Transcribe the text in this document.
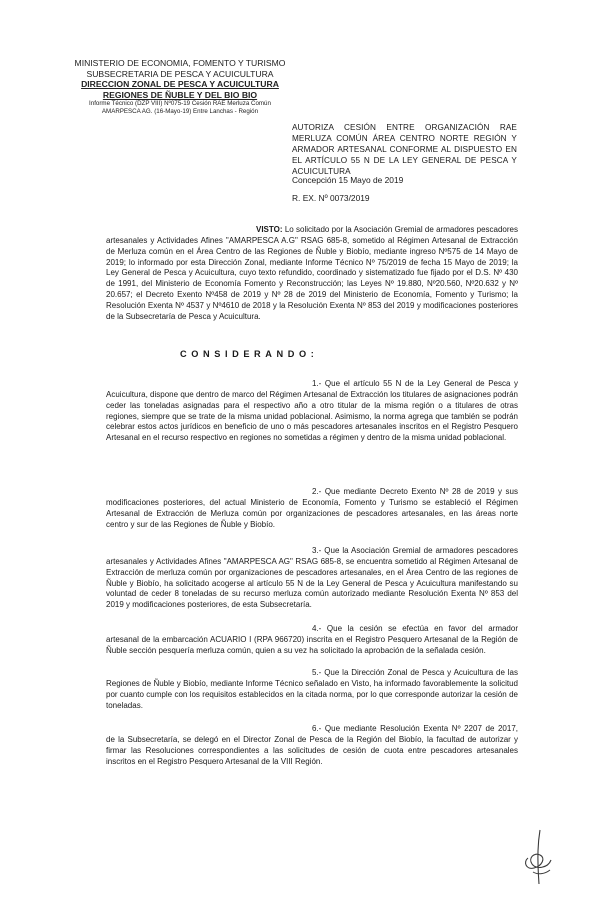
MINISTERIO DE ECONOMIA, FOMENTO Y TURISMO
SUBSECRETARIA DE PESCA Y ACUICULTURA
DIRECCION ZONAL DE PESCA Y ACUICULTURA
REGIONES DE ÑUBLE Y DEL BIO BIO
Informe Técnico (DZP VIII) Nº075-19 Cesión RAE Merluza Común
AMARPESCA AG. (16-Mayo-19) Entre Lanchas - Región
AUTORIZA CESIÓN ENTRE ORGANIZACIÓN RAE MERLUZA COMÚN ÁREA CENTRO NORTE REGIÓN Y ARMADOR ARTESANAL CONFORME AL DISPUESTO EN EL ARTÍCULO 55 N DE LA LEY GENERAL DE PESCA Y ACUICULTURA
Concepción 15 Mayo de 2019
R. EX. Nº 0073/2019
VISTO: Lo solicitado por la Asociación Gremial de armadores pescadores artesanales y Actividades Afines "AMARPESCA A.G" RSAG 685-8, sometido al Régimen Artesanal de Extracción de Merluza común en el Área Centro de las Regiones de Ñuble y Biobío, mediante ingreso Nº575 de 14 Mayo de 2019; lo informado por esta Dirección Zonal, mediante Informe Técnico Nº 75/2019 de fecha 15 Mayo de 2019; la Ley General de Pesca y Acuicultura, cuyo texto refundido, coordinado y sistematizado fue fijado por el D.S. Nº 430 de 1991, del Ministerio de Economía Fomento y Reconstrucción; las Leyes Nº 19.880, Nº20.560, Nº20.632 y Nº 20.657; el Decreto Exento Nº458 de 2019 y Nº 28 de 2019 del Ministerio de Economía, Fomento y Turismo; la Resolución Exenta Nº 4537 y Nº4610 de 2018 y la Resolución Exenta Nº 853 del 2019 y modificaciones posteriores de la Subsecretaría de Pesca y Acuicultura.
CONSIDERANDO:
1.- Que el artículo 55 N de la Ley General de Pesca y Acuicultura, dispone que dentro de marco del Régimen Artesanal de Extracción los titulares de asignaciones podrán ceder las toneladas asignadas para el respectivo año a otro titular de la misma región o a titulares de otras regiones, siempre que se trate de la misma unidad poblacional. Asimismo, la norma agrega que también se podrán celebrar estos actos jurídicos en beneficio de uno o más pescadores artesanales inscritos en el Registro Pesquero Artesanal en el recurso respectivo en regiones no sometidas a régimen y dentro de la misma unidad poblacional.
2.- Que mediante Decreto Exento Nº 28 de 2019 y sus modificaciones posteriores, del actual Ministerio de Economía, Fomento y Turismo se estableció el Régimen Artesanal de Extracción de Merluza común por organizaciones de pescadores artesanales, en las áreas norte centro y sur de las Regiones de Ñuble y Biobío.
3.- Que la Asociación Gremial de armadores pescadores artesanales y Actividades Afines "AMARPESCA AG" RSAG 685-8, se encuentra sometido al Régimen Artesanal de Extracción de merluza común por organizaciones de pescadores artesanales, en el Área Centro de las regiones de Ñuble y Biobío, ha solicitado acogerse al artículo 55 N de la Ley General de Pesca y Acuicultura manifestando su voluntad de ceder 8 toneladas de su recurso merluza común autorizado mediante Resolución Exenta Nº 853 del 2019 y modificaciones posteriores, de esta Subsecretaría.
4.- Que la cesión se efectúa en favor del armador artesanal de la embarcación ACUARIO I (RPA 966720) inscrita en el Registro Pesquero Artesanal de la Región de Ñuble sección pesquería merluza común, quien a su vez ha solicitado la aprobación de la señalada cesión.
5.- Que la Dirección Zonal de Pesca y Acuicultura de las Regiones de Ñuble y Biobío, mediante Informe Técnico señalado en Visto, ha informado favorablemente la solicitud por cuanto cumple con los requisitos establecidos en la citada norma, por lo que corresponde autorizar la cesión de toneladas.
6.- Que mediante Resolución Exenta Nº 2207 de 2017, de la Subsecretaría, se delegó en el Director Zonal de Pesca de la Región del Biobío, la facultad de autorizar y firmar las Resoluciones correspondientes a las solicitudes de cesión de cuota entre pescadores artesanales inscritos en el Registro Pesquero Artesanal de la VIII Región.
